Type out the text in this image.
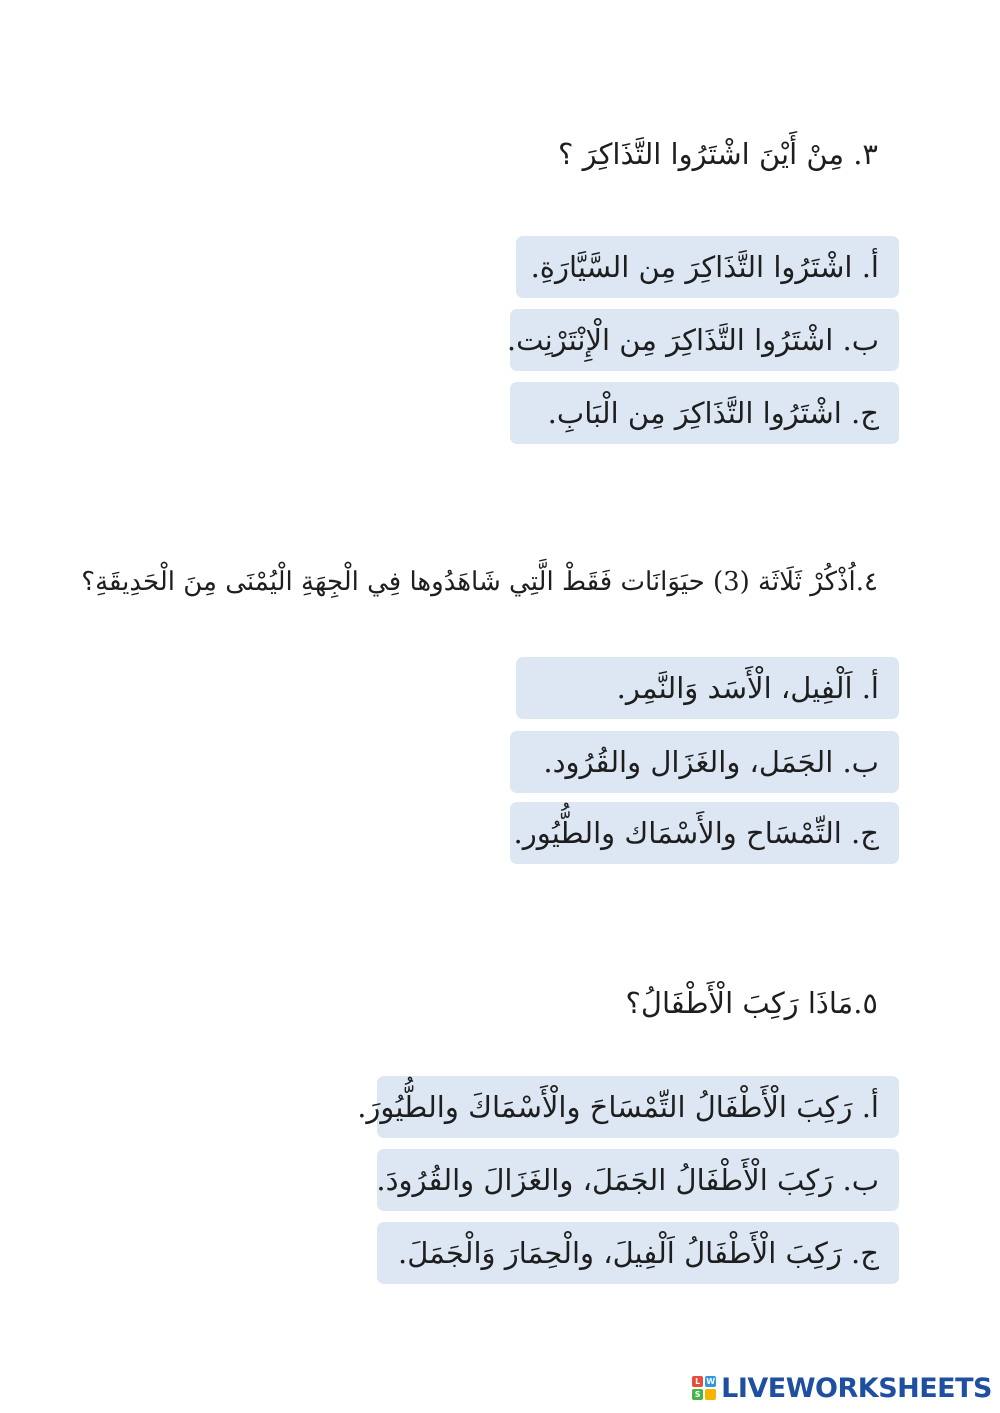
٣. مِنْ أَيْنَ اشْتَرُوا التَّذَاكِرَ ؟
أ. اشْتَرُوا التَّذَاكِرَ مِن السَّيَّارَةِ.
ب. اشْتَرُوا التَّذَاكِرَ مِن الْإِنْتَرْنِت.
ج. اشْتَرُوا التَّذَاكِرَ مِن الْبَابِ.
٤.اُذْكُرْ ثَلَاثَة (3) حيَوَانَات فَقَطْ الَّتِي شَاهَدُوها فِي الْجِهَةِ الْيُمْنَى مِنَ الْحَدِيقَةِ؟
أ. اَلْفِيل، الْأَسَد وَالنَّمِر.
ب. الجَمَل، والغَزَال والقُرُود.
ج. التِّمْسَاح والأَسْمَاك والطُّيُور.
٥.مَاذَا رَكِبَ الْأَطْفَالُ؟
أ. رَكِبَ الْأَطْفَالُ التِّمْسَاحَ والْأَسْمَاكَ والطُّيُورَ.
ب. رَكِبَ الْأَطْفَالُ الجَمَلَ، والغَزَالَ والقُرُودَ.
ج. رَكِبَ الْأَطْفَالُ اَلْفِيلَ، والْحِمَارَ وَالْجَمَلَ.
L W
S LIVEWORKSHEETS
